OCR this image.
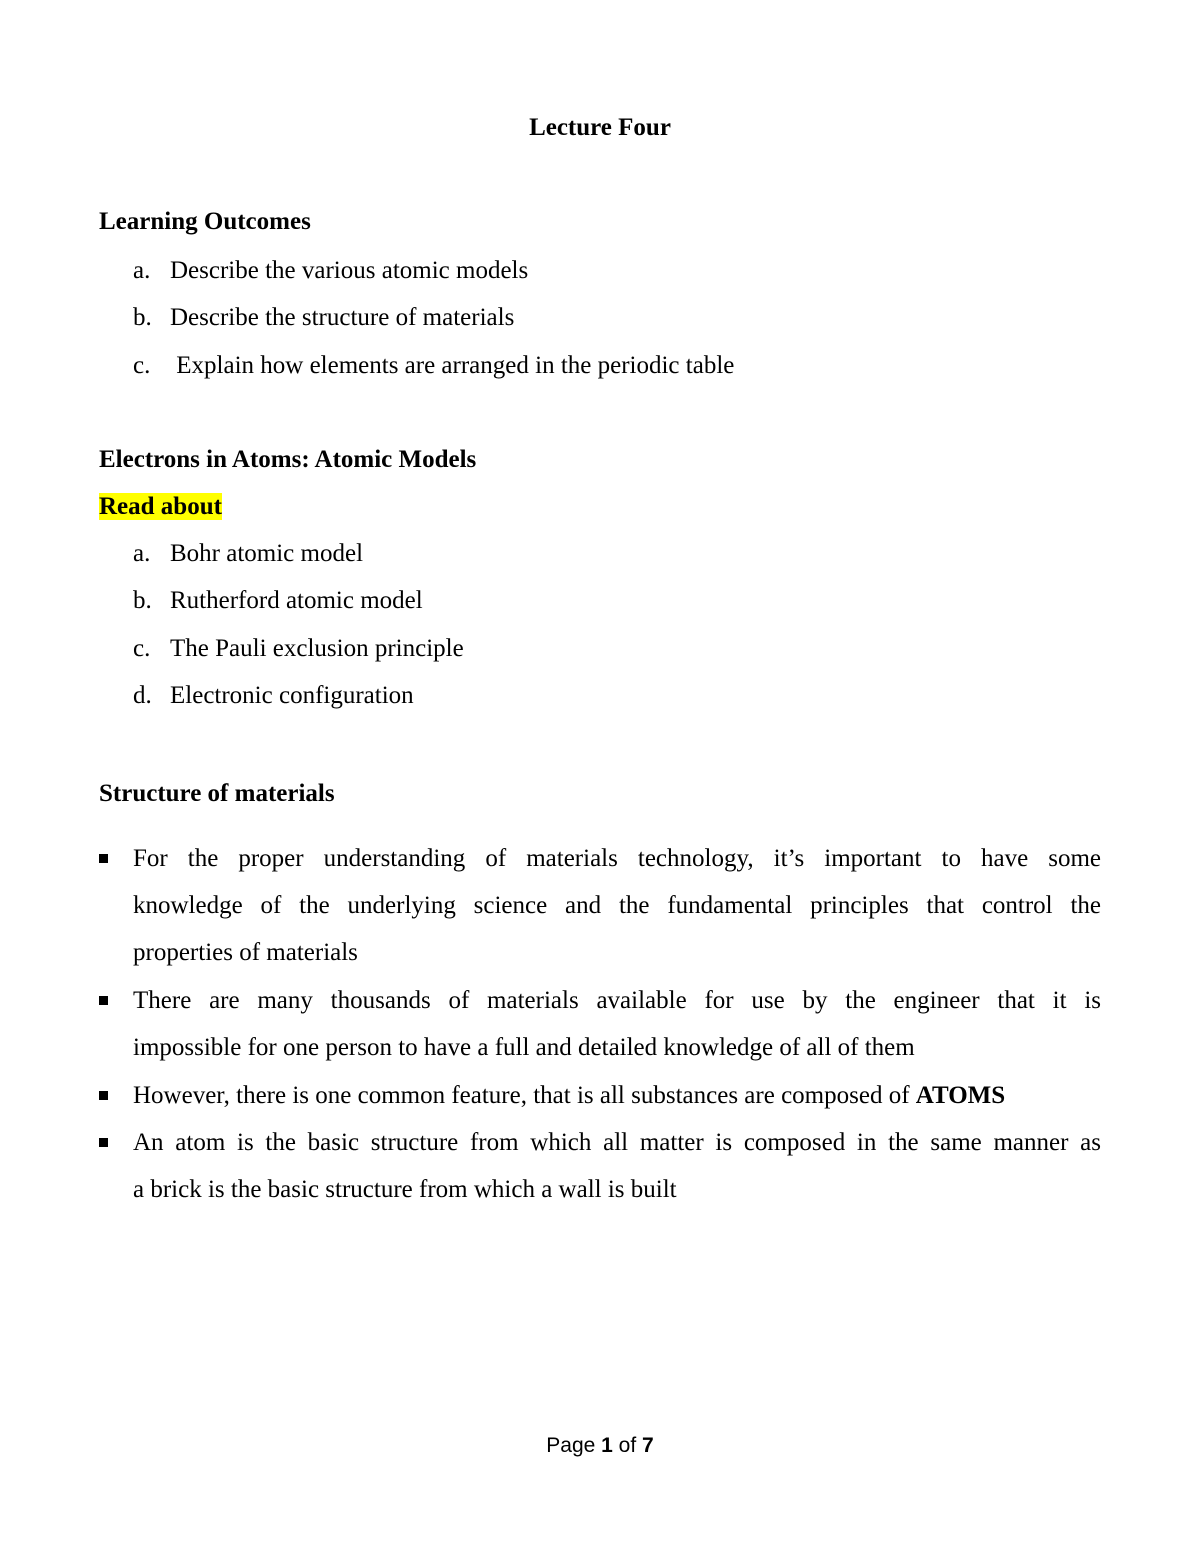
Lecture Four
Learning Outcomes
a. Describe the various atomic models
b. Describe the structure of materials
c. Explain how elements are arranged in the periodic table
Electrons in Atoms: Atomic Models
Read about
a. Bohr atomic model
b. Rutherford atomic model
c. The Pauli exclusion principle
d. Electronic configuration
Structure of materials
For the proper understanding of materials technology, it’s important to have some
knowledge of the underlying science and the fundamental principles that control the
properties of materials
There are many thousands of materials available for use by the engineer that it is
impossible for one person to have a full and detailed knowledge of all of them
However, there is one common feature, that is all substances are composed of ATOMS
An atom is the basic structure from which all matter is composed in the same manner as
a brick is the basic structure from which a wall is built
Page 1 of 7
